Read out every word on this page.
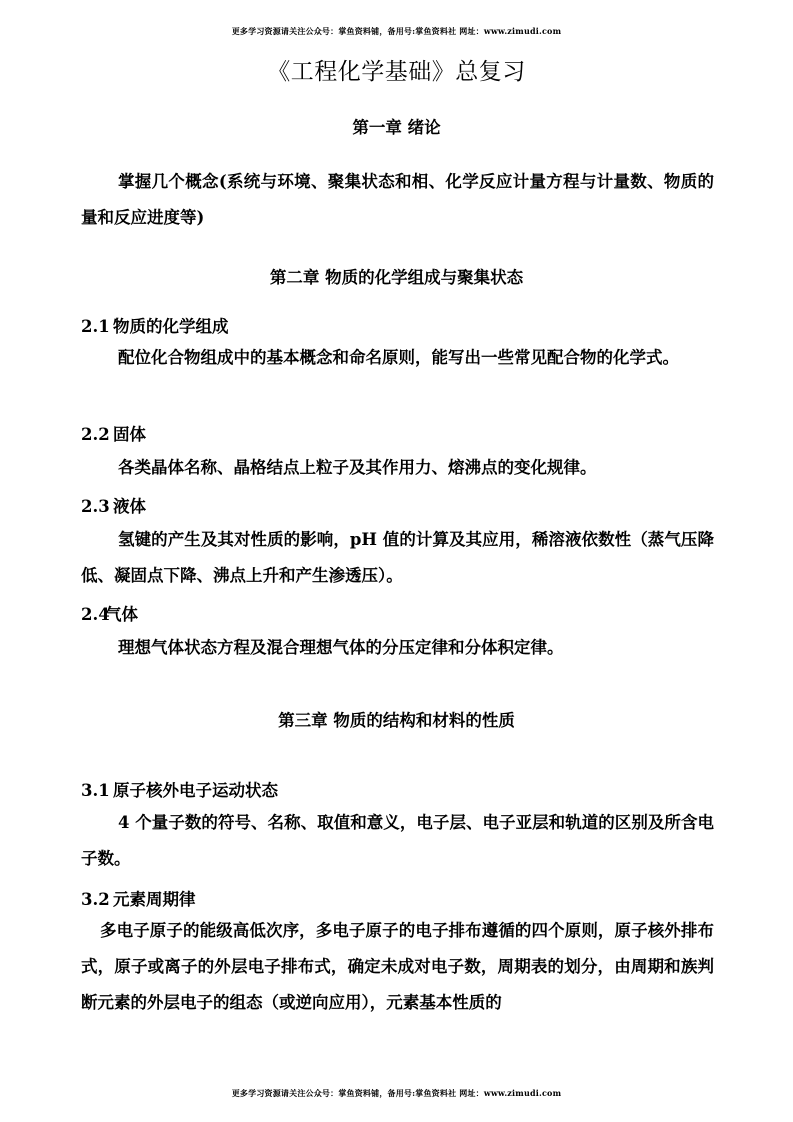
更多学习资源请关注公众号：掌鱼资料铺，备用号:掌鱼资料社 网址：www.zimudi.com
《工程化学基础》总复习
第一章 绪论
掌握几个概念(系统与环境、聚集状态和相、化学反应计量方程与计量数、物质的量和反应进度等)
第二章 物质的化学组成与聚集状态
2.1 物质的化学组成
配位化合物组成中的基本概念和命名原则，能写出一些常见配合物的化学式。
2.2 固体
各类晶体名称、晶格结点上粒子及其作用力、熔沸点的变化规律。
2.3 液体
氢键的产生及其对性质的影响，pH 值的计算及其应用，稀溶液依数性（蒸气压降低、凝固点下降、沸点上升和产生渗透压）。
2.4气体
理想气体状态方程及混合理想气体的分压定律和分体积定律。
第三章 物质的结构和材料的性质
3.1 原子核外电子运动状态
4 个量子数的符号、名称、取值和意义，电子层、电子亚层和轨道的区别及所含电子数。
3.2 元素周期律
多电子原子的能级高低次序，多电子原子的电子排布遵循的四个原则，原子核外排布式，原子或离子的外层电子排布式，确定未成对电子数，周期表的划分，由周期和族判断元素的外层电子的组态（或逆向应用），元素基本性质的
更多学习资源请关注公众号：掌鱼资料铺，备用号:掌鱼资料社 网址：www.zimudi.com
